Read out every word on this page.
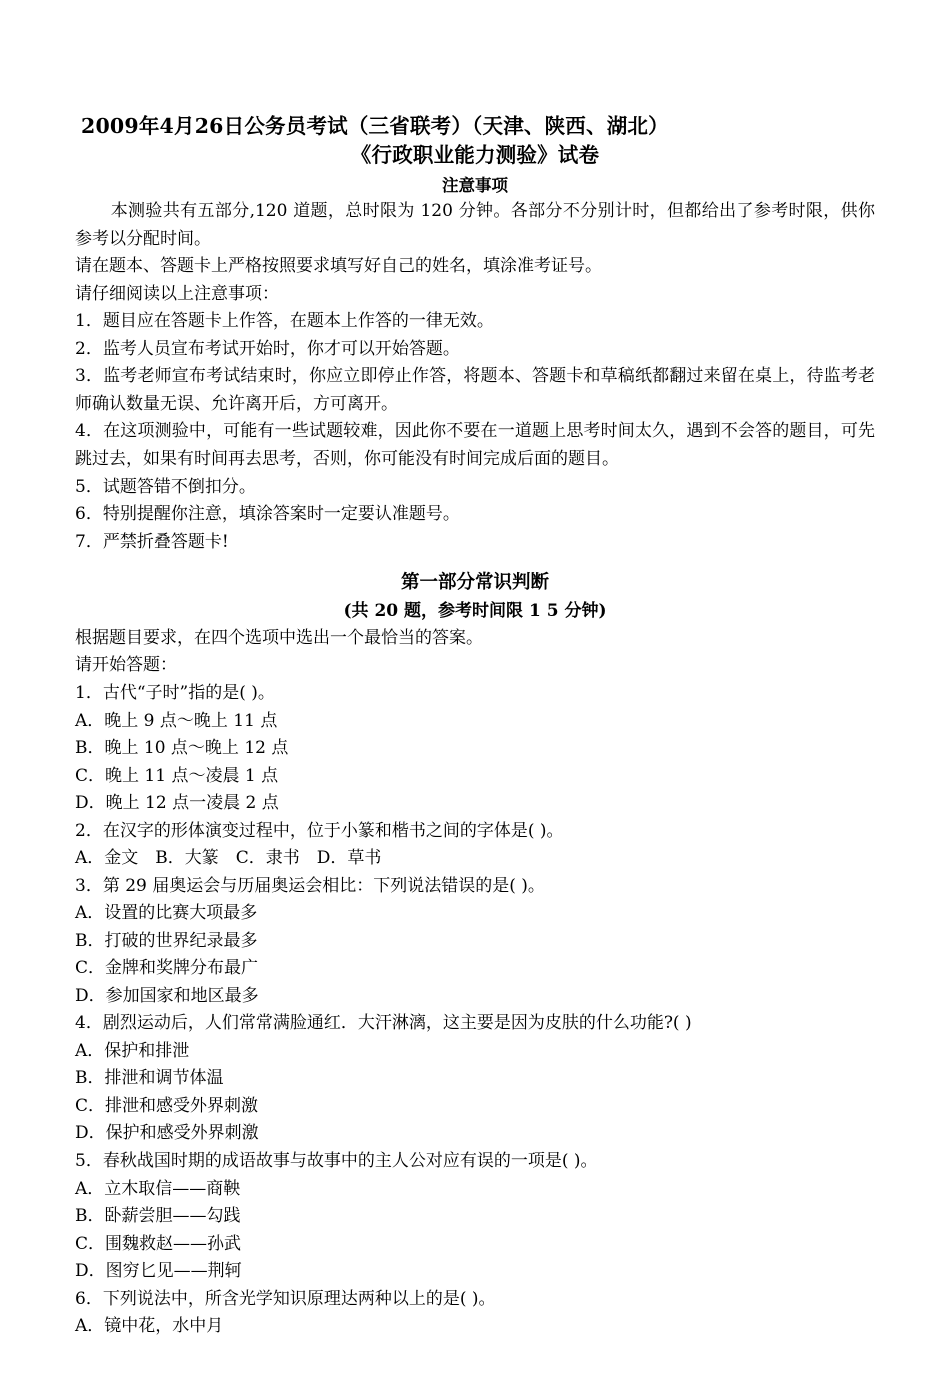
2009年4月26日公务员考试（三省联考）（天津、陕西、湖北）
《行政职业能力测验》试卷
注意事项

本测验共有五部分,120 道题，总时限为 120 分钟。各部分不分别计时，但都给出了参考时限，供你参考以分配时间。

请在题本、答题卡上严格按照要求填写好自己的姓名，填涂准考证号。

请仔细阅读以上注意事项：

1．题目应在答题卡上作答，在题本上作答的一律无效。

2．监考人员宣布考试开始时，你才可以开始答题。

3．监考老师宣布考试结束时，你应立即停止作答，将题本、答题卡和草稿纸都翻过来留在桌上，待监考老师确认数量无误、允许离开后，方可离开。

4．在这项测验中，可能有一些试题较难，因此你不要在一道题上思考时间太久，遇到不会答的题目，可先跳过去，如果有时间再去思考，否则，你可能没有时间完成后面的题目。

5．试题答错不倒扣分。

6．特别提醒你注意，填涂答案时一定要认准题号。

7．严禁折叠答题卡!

第一部分常识判断
(共 20 题，参考时间限 1 5 分钟)

根据题目要求，在四个选项中选出一个最恰当的答案。

请开始答题：

1．古代“子时”指的是( )。

A．晚上 9 点～晚上 11 点

B．晚上 10 点～晚上 12 点

C．晚上 11 点～凌晨 1 点

D．晚上 12 点一凌晨 2 点

2．在汉字的形体演变过程中，位于小篆和楷书之间的字体是( )。

A．金文　B．大篆　C．隶书　D．草书

3．第 29 届奥运会与历届奥运会相比：下列说法错误的是( )。

A．设置的比赛大项最多

B．打破的世界纪录最多

C．金牌和奖牌分布最广

D．参加国家和地区最多

4．剧烈运动后，人们常常满脸通红．大汗淋漓，这主要是因为皮肤的什么功能?( )

A．保护和排泄

B．排泄和调节体温

C．排泄和感受外界刺激

D．保护和感受外界刺激

5．春秋战国时期的成语故事与故事中的主人公对应有误的一项是( )。

A．立木取信——商鞅

B．卧薪尝胆——勾践

C．围魏救赵——孙武

D．图穷匕见——荆轲

6．下列说法中，所含光学知识原理达两种以上的是( )。

A．镜中花，水中月
